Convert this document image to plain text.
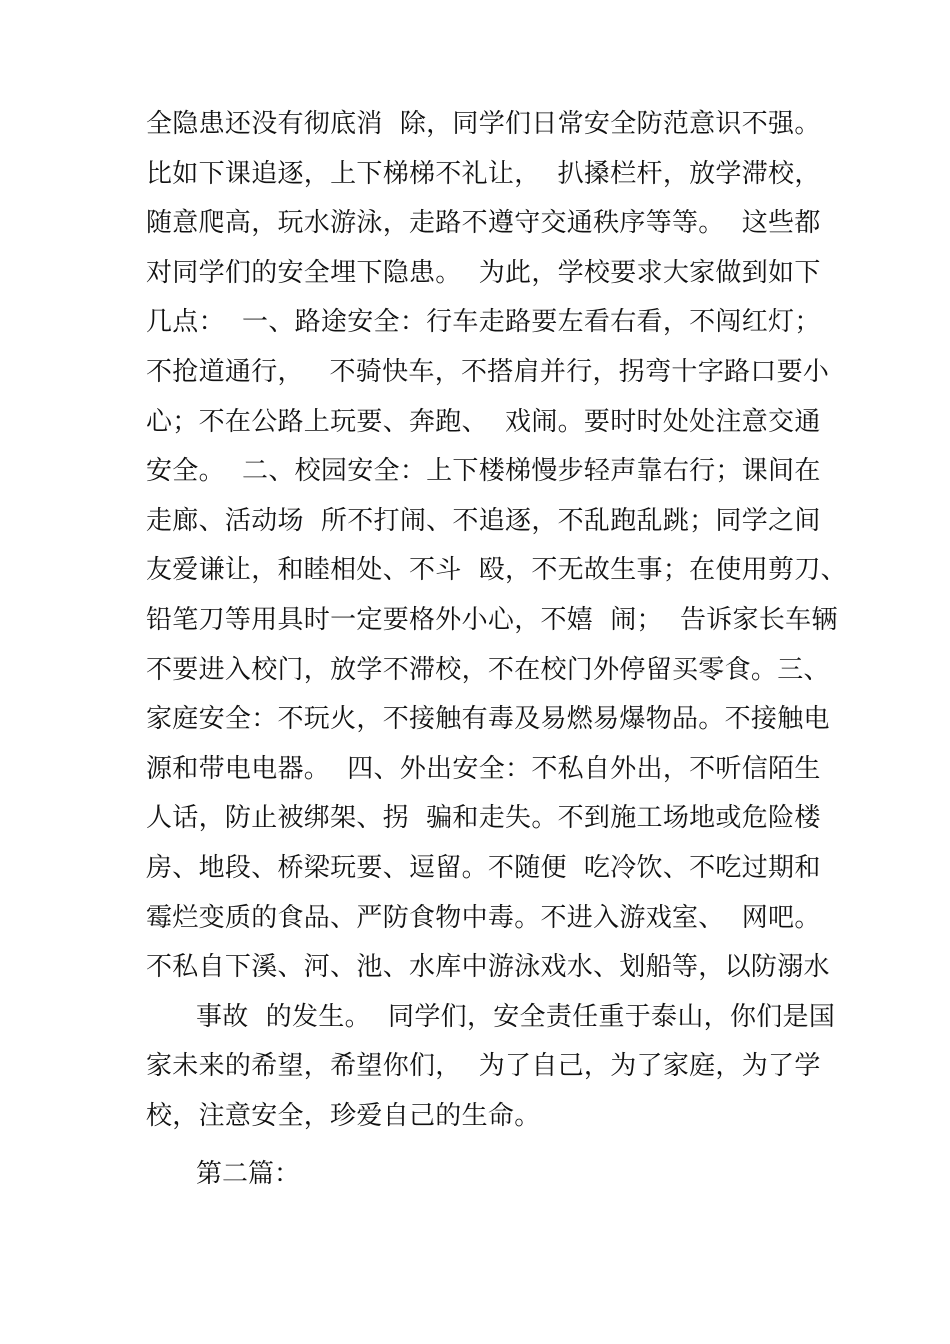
全隐患还没有彻底消  除，同学们日常安全防范意识不强。
比如下课追逐，上下梯梯不礼让，  扒搡栏杆，放学滞校，
随意爬高，玩水游泳，走路不遵守交通秩序等等。  这些都
对同学们的安全埋下隐患。  为此，学校要求大家做到如下
几点：  一、路途安全：行车走路要左看右看，不闯红灯；
不抢道通行，   不骑快车，不搭肩并行，拐弯十字路口要小
心；不在公路上玩要、奔跑、  戏闹。要时时处处注意交通
安全。  二、校园安全：上下楼梯慢步轻声靠右行；课间在
走廊、活动场  所不打闹、不追逐，不乱跑乱跳；同学之间
友爱谦让，和睦相处、不斗  殴，不无故生事；在使用剪刀、
铅笔刀等用具时一定要格外小心，不嬉  闹；  告诉家长车辆
不要进入校门，放学不滞校，不在校门外停留买零食。三、
家庭安全：不玩火，不接触有毒及易燃易爆物品。不接触电
源和带电电器。  四、外出安全：不私自外出，不听信陌生
人话，防止被绑架、拐  骗和走失。不到施工场地或危险楼
房、地段、桥梁玩要、逗留。不随便  吃冷饮、不吃过期和
霉烂变质的食品、严防食物中毒。不进入游戏室、  网吧。
不私自下溪、河、池、水库中游泳戏水、划船等，以防溺水
事故  的发生。  同学们，安全责任重于泰山，你们是国
家未来的希望，希望你们，  为了自己，为了家庭，为了学
校，注意安全，珍爱自己的生命。
第二篇：
